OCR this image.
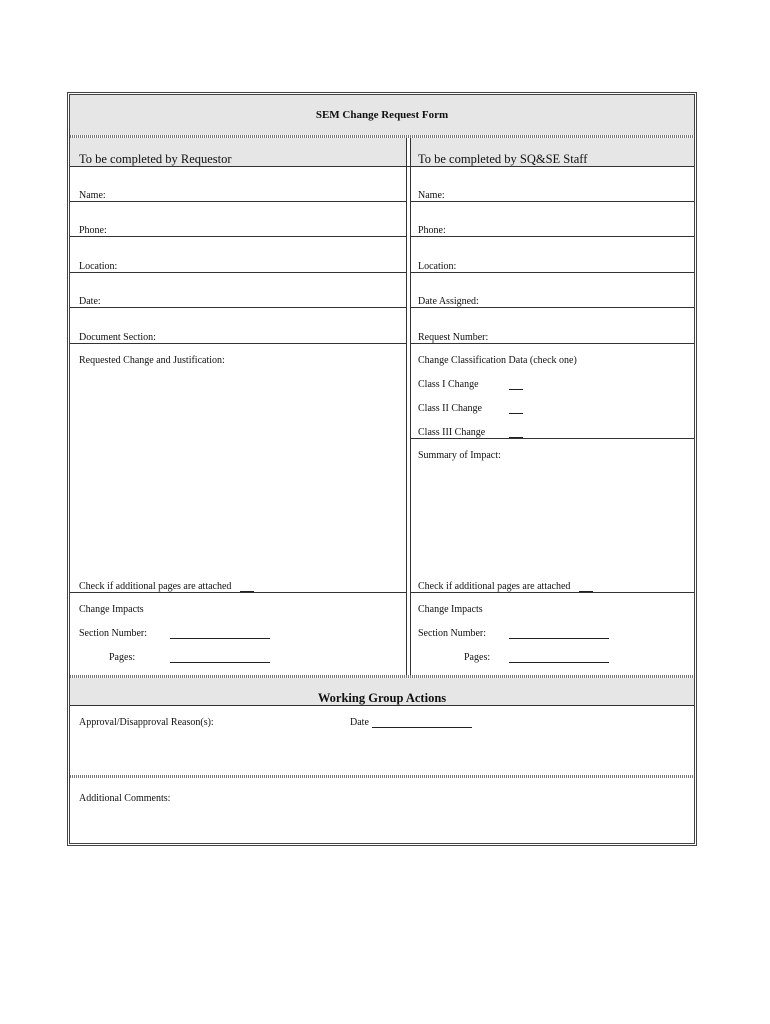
SEM Change Request Form
To be completed by Requestor	To be completed by SQ&SE Staff
Name:
Phone:
Location:
Date:
Document Section:
Requested Change and Justification:
Check if additional pages are attached
Change Impacts
Section Number:
Pages:
Name:
Phone:
Location:
Date Assigned:
Request Number:
Change Classification Data (check one)
Class I Change
Class II Change
Class III Change
Summary of Impact:
Check if additional pages are attached
Change Impacts
Section Number:
Pages:
Working Group Actions
Approval/Disapproval Reason(s):	Date
Additional Comments:
